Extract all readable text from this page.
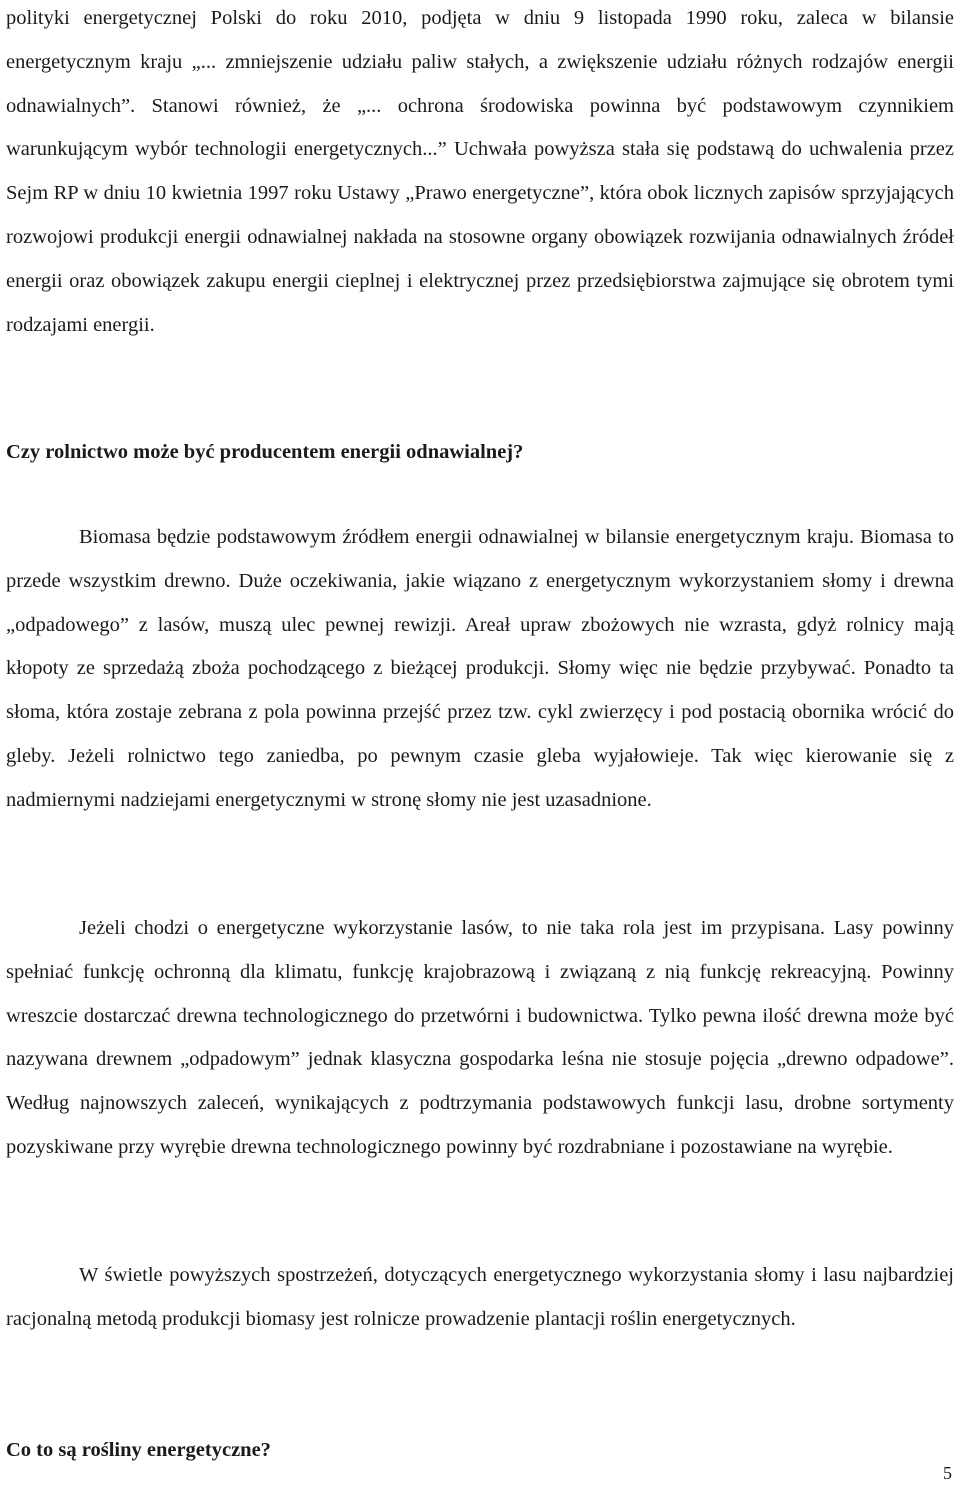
polityki energetycznej Polski do roku 2010, podjęta w dniu 9 listopada 1990 roku, zaleca w bilansie energetycznym kraju „... zmniejszenie udziału paliw stałych, a zwiększenie udziału różnych rodzajów energii odnawialnych”. Stanowi również, że „... ochrona środowiska powinna być podstawowym czynnikiem warunkującym wybór technologii energetycznych...” Uchwała powyższa stała się podstawą do uchwalenia przez Sejm RP w dniu 10 kwietnia 1997 roku Ustawy „Prawo energetyczne”, która obok licznych zapisów sprzyjających rozwojowi produkcji energii odnawialnej nakłada na stosowne organy obowiązek rozwijania odnawialnych źródeł energii oraz obowiązek zakupu energii cieplnej i elektrycznej przez przedsiębiorstwa zajmujące się obrotem tymi rodzajami energii.

Czy rolnictwo może być producentem energii odnawialnej?

Biomasa będzie podstawowym źródłem energii odnawialnej w bilansie energetycznym kraju. Biomasa to przede wszystkim drewno. Duże oczekiwania, jakie wiązano z energetycznym wykorzystaniem słomy i drewna „odpadowego” z lasów, muszą ulec pewnej rewizji. Areał upraw zbożowych nie wzrasta, gdyż rolnicy mają kłopoty ze sprzedażą zboża pochodzącego z bieżącej produkcji. Słomy więc nie będzie przybywać. Ponadto ta słoma, która zostaje zebrana z pola powinna przejść przez tzw. cykl zwierzęcy i pod postacią obornika wrócić do gleby. Jeżeli rolnictwo tego zaniedba, po pewnym czasie gleba wyjałowieje. Tak więc kierowanie się z nadmiernymi nadziejami energetycznymi w stronę słomy nie jest uzasadnione.

Jeżeli chodzi o energetyczne wykorzystanie lasów, to nie taka rola jest im przypisana. Lasy powinny spełniać funkcję ochronną dla klimatu, funkcję krajobrazową i związaną z nią funkcję rekreacyjną. Powinny wreszcie dostarczać drewna technologicznego do przetwórni i budownictwa. Tylko pewna ilość drewna może być nazywana drewnem „odpadowym” jednak klasyczna gospodarka leśna nie stosuje pojęcia „drewno odpadowe”. Według najnowszych zaleceń, wynikających z podtrzymania podstawowych funkcji lasu, drobne sortymenty pozyskiwane przy wyrębie drewna technologicznego powinny być rozdrabniane i pozostawiane na wyrębie.

W świetle powyższych spostrzeżeń, dotyczących energetycznego wykorzystania słomy i lasu najbardziej racjonalną metodą produkcji biomasy jest rolnicze prowadzenie plantacji roślin energetycznych.

Co to są rośliny energetyczne?
5
